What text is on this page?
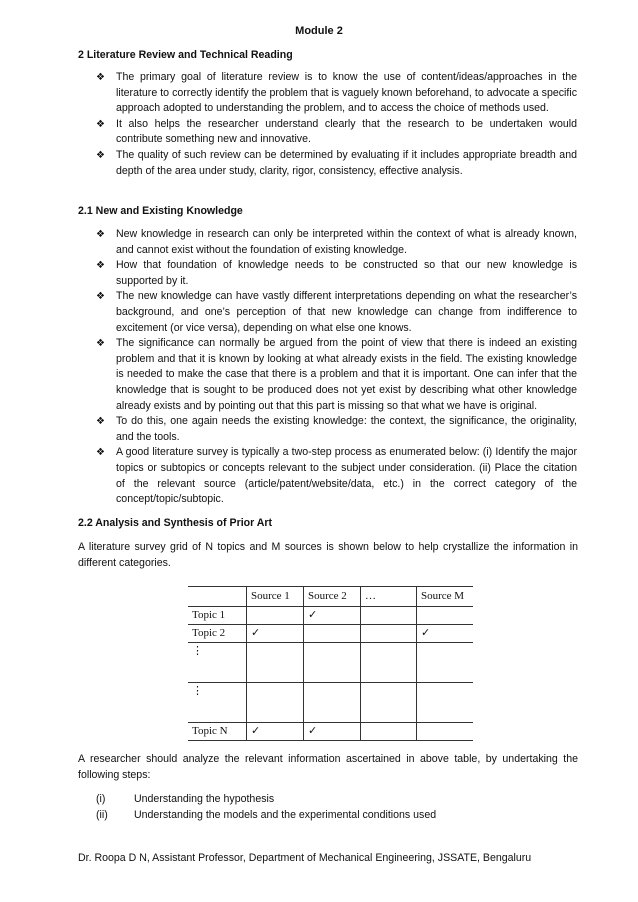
Module 2
2 Literature Review and Technical Reading
❖	The primary goal of literature review is to know the use of content/ideas/approaches in the literature to correctly identify the problem that is vaguely known beforehand, to advocate a specific approach adopted to understanding the problem, and to access the choice of methods used.
❖	It also helps the researcher understand clearly that the research to be undertaken would contribute something new and innovative.
❖	The quality of such review can be determined by evaluating if it includes appropriate breadth and depth of the area under study, clarity, rigor, consistency, effective analysis.
2.1 New and Existing Knowledge
❖	New knowledge in research can only be interpreted within the context of what is already known, and cannot exist without the foundation of existing knowledge.
❖	How that foundation of knowledge needs to be constructed so that our new knowledge is supported by it.
❖	The new knowledge can have vastly different interpretations depending on what the researcher’s background, and one’s perception of that new knowledge can change from indifference to excitement (or vice versa), depending on what else one knows.
❖	The significance can normally be argued from the point of view that there is indeed an existing problem and that it is known by looking at what already exists in the field. The existing knowledge is needed to make the case that there is a problem and that it is important. One can infer that the knowledge that is sought to be produced does not yet exist by describing what other knowledge already exists and by pointing out that this part is missing so that what we have is original.
❖	To do this, one again needs the existing knowledge: the context, the significance, the originality, and the tools.
❖	A good literature survey is typically a two-step process as enumerated below: (i) Identify the major topics or subtopics or concepts relevant to the subject under consideration. (ii) Place the citation of the relevant source (article/patent/website/data, etc.) in the correct category of the concept/topic/subtopic.
2.2 Analysis and Synthesis of Prior Art

A literature survey grid of N topics and M sources is shown below to help crystallize the information in different categories.

	Source 1	Source 2	…	Source M
Topic 1		✓		
Topic 2	✓			✓
⋮				
⋮				
Topic N	✓	✓		

A researcher should analyze the relevant information ascertained in above table, by undertaking the following steps:

(i)	Understanding the hypothesis
(ii) Understanding the models and the experimental conditions used
Dr. Roopa D N, Assistant Professor, Department of Mechanical Engineering, JSSATE, Bengaluru
